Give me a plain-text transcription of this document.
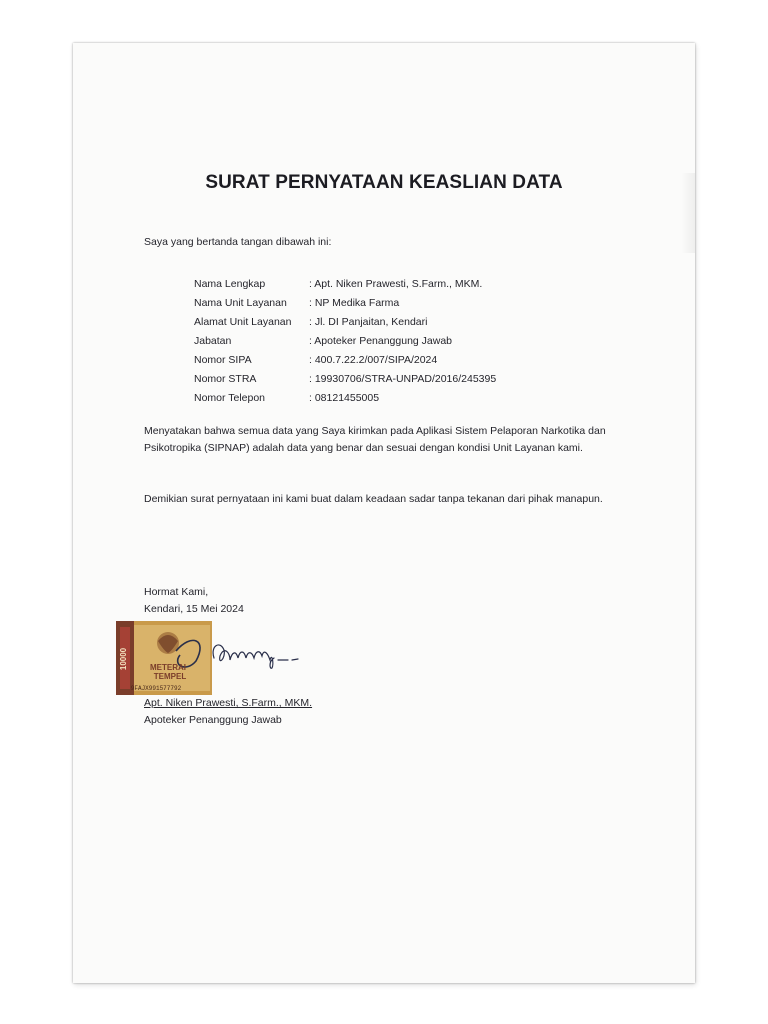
SURAT PERNYATAAN KEASLIAN DATA
Saya yang bertanda tangan dibawah ini:
Nama Lengkap	: Apt. Niken Prawesti, S.Farm., MKM.
Nama Unit Layanan : NP Medika Farma
Alamat Unit Layanan : Jl. DI Panjaitan, Kendari
Jabatan	: Apoteker Penanggung Jawab
Nomor SIPA	: 400.7.22.2/007/SIPA/2024
Nomor STRA	: 19930706/STRA-UNPAD/2016/245395
Nomor Telepon	: 08121455005
Menyatakan bahwa semua data yang Saya kirimkan pada Aplikasi Sistem Pelaporan Narkotika dan Psikotropika (SIPNAP) adalah data yang benar dan sesuai dengan kondisi Unit Layanan kami.
Demikian surat pernyataan ini kami buat dalam keadaan sadar tanpa tekanan dari pihak manapun.
Hormat Kami,
Kendari, 15 Mei 2024
METERAI
TEMPEL
9FAJX991577792
10000
Apt. Niken Prawesti, S.Farm., MKM.
Apoteker Penanggung Jawab
